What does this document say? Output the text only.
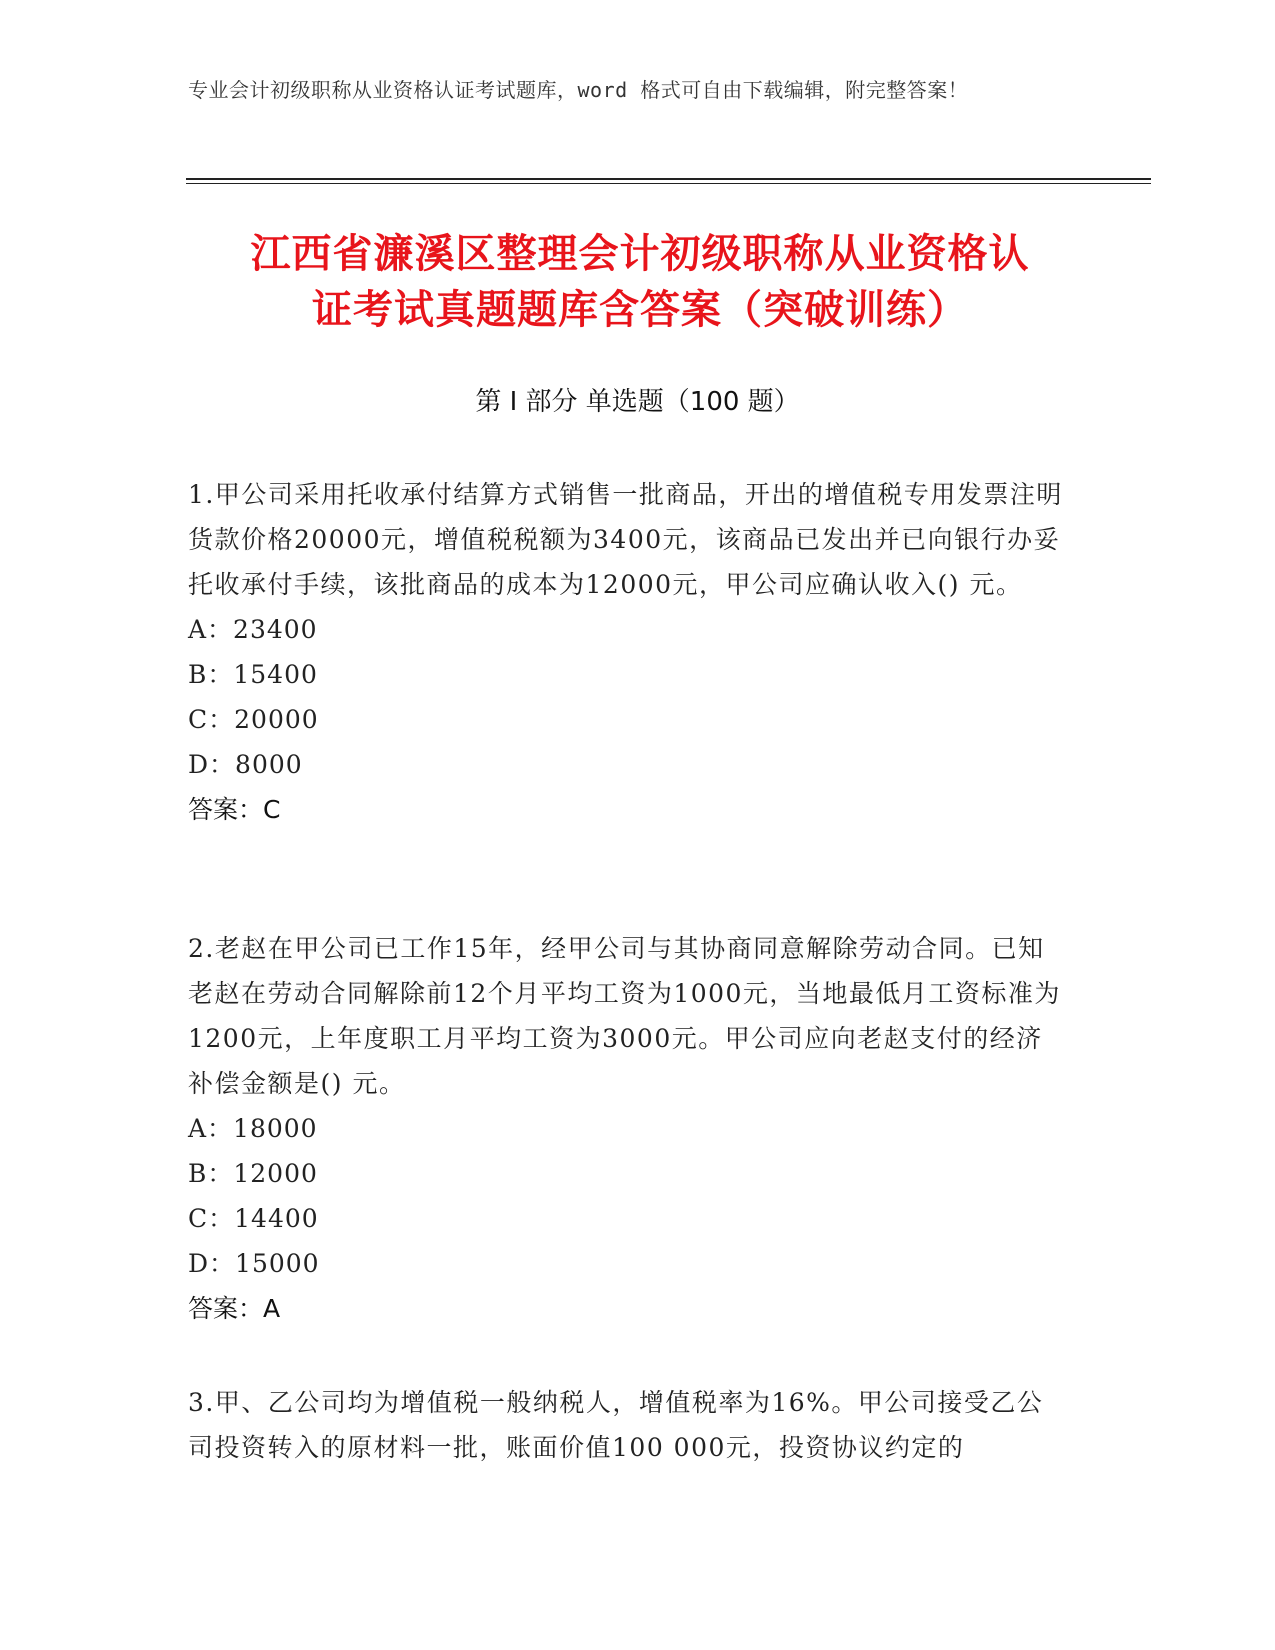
专业会计初级职称从业资格认证考试题库，word 格式可自由下载编辑，附完整答案！
江西省濂溪区整理会计初级职称从业资格认
证考试真题题库含答案（突破训练）
第 I 部分 单选题（100 题）

1.甲公司采用托收承付结算方式销售一批商品，开出的增值税专用发票注明货款价格20000元，增值税税额为3400元，该商品已发出并已向银行办妥托收承付手续，该批商品的成本为12000元，甲公司应确认收入() 元。

A：23400

B：15400

C：20000

D：8000

答案：C

2.老赵在甲公司已工作15年，经甲公司与其协商同意解除劳动合同。已知老赵在劳动合同解除前12个月平均工资为1000元，当地最低月工资标准为1200元，上年度职工月平均工资为3000元。甲公司应向老赵支付的经济补偿金额是() 元。

A：18000

B：12000

C：14400

D：15000

答案：A

3.甲、乙公司均为增值税一般纳税人，增值税率为16%。甲公司接受乙公司投资转入的原材料一批，账面价值100 000元，投资协议约定的
